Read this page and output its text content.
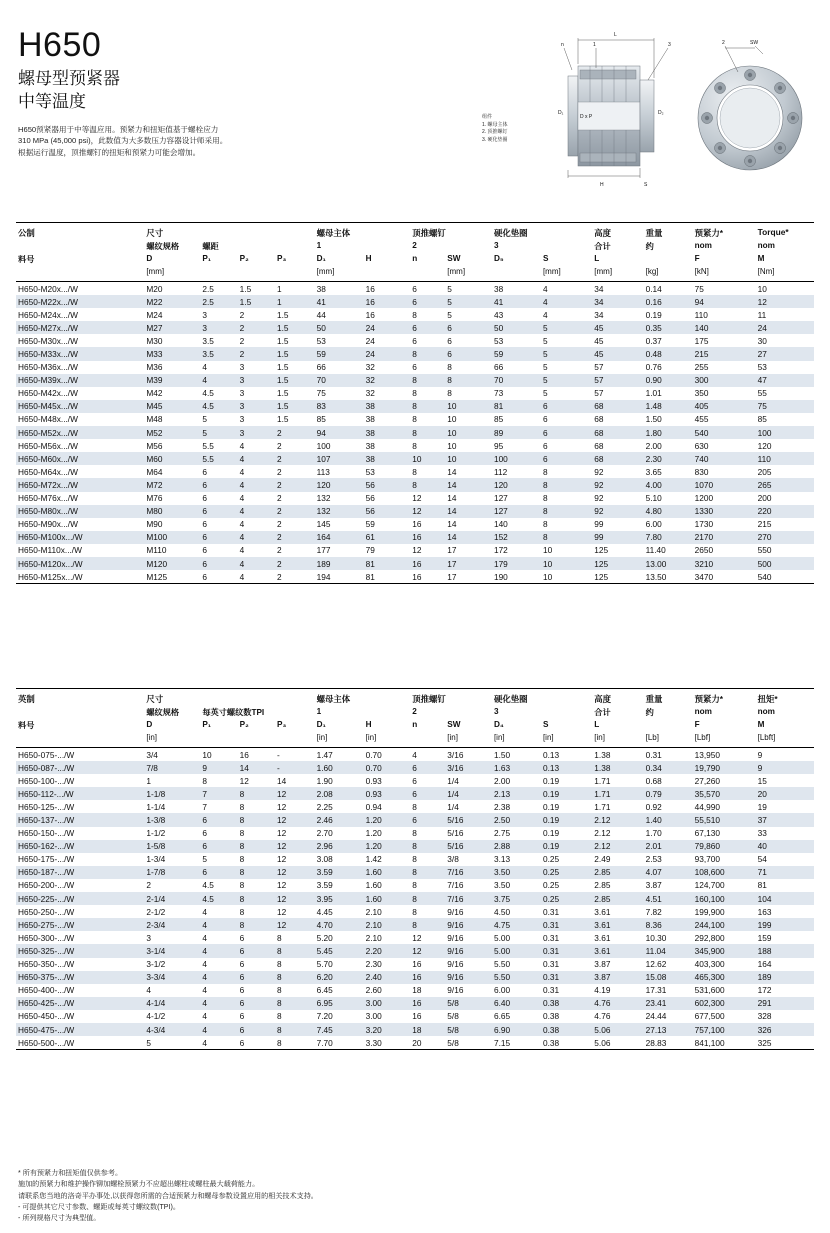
H650
螺母型预紧器
中等温度

H650预紧器用于中等温应用。预紧力和扭矩值基于螺栓应力

310 MPa (45,000 psi)，此数值为大多数压力容器设计师采用。

根据运行温度，顶推螺钉的扭矩和预紧力可能会增加。

n	1
L
3
D₁
D x P
D₂
H	S
2	SW
组件
1. 螺母主体
2. 顶推螺钉
3. 硬化垫圈
公制	尺寸				螺母主体		顶推螺钉		硬化垫圈		高度	重量	预紧力*	Torque*
	螺纹规格	螺距			1		2		3		合计	约	nom	nom
料号	D	P₁	P₂	P₃	D₁	H	n	SW	D₅	S	L		F	M
	[mm]				[mm]			[mm]		[mm]	[mm]	[kg]	[kN]	[Nm]
H650-M20x.../W	M20	2.5	1.5	1	38	16	6	5	38	4	34	0.14	75	10
H650-M22x.../W	M22	2.5	1.5	1	41	16	6	5	41	4	34	0.16	94	12
H650-M24x.../W	M24	3	2	1.5	44	16	8	5	43	4	34	0.19	110	11
H650-M27x.../W	M27	3	2	1.5	50	24	6	6	50	5	45	0.35	140	24
H650-M30x.../W	M30	3.5	2	1.5	53	24	6	6	53	5	45	0.37	175	30
H650-M33x.../W	M33	3.5	2	1.5	59	24	8	6	59	5	45	0.48	215	27
H650-M36x.../W	M36	4	3	1.5	66	32	6	8	66	5	57	0.76	255	53
H650-M39x.../W	M39	4	3	1.5	70	32	8	8	70	5	57	0.90	300	47
H650-M42x.../W	M42	4.5	3	1.5	75	32	8	8	73	5	57	1.01	350	55
H650-M45x.../W	M45	4.5	3	1.5	83	38	8	10	81	6	68	1.48	405	75
H650-M48x.../W	M48	5	3	1.5	85	38	8	10	85	6	68	1.50	455	85
H650-M52x.../W	M52	5	3	2	94	38	8	10	89	6	68	1.80	540	100
H650-M56x.../W	M56	5.5	4	2	100	38	8	10	95	6	68	2.00	630	120
H650-M60x.../W	M60	5.5	4	2	107	38	10	10	100	6	68	2.30	740	110
H650-M64x.../W	M64	6	4	2	113	53	8	14	112	8	92	3.65	830	205
H650-M72x.../W	M72	6	4	2	120	56	8	14	120	8	92	4.00	1070	265
H650-M76x.../W	M76	6	4	2	132	56	12	14	127	8	92	5.10	1200	200
H650-M80x.../W	M80	6	4	2	132	56	12	14	127	8	92	4.80	1330	220
H650-M90x.../W	M90	6	4	2	145	59	16	14	140	8	99	6.00	1730	215
H650-M100x.../W	M100	6	4	2	164	61	16	14	152	8	99	7.80	2170	270
H650-M110x.../W	M110	6	4	2	177	79	12	17	172	10	125	11.40	2650	550
H650-M120x.../W	M120	6	4	2	189	81	16	17	179	10	125	13.00	3210	500
H650-M125x.../W	M125	6	4	2	194	81	16	17	190	10	125	13.50	3470	540
英制	尺寸				螺母主体		顶推螺钉		硬化垫圈		高度	重量	预紧力*	扭矩*
	螺纹规格	每英寸螺纹数TPI			1		2		3		合计	约	nom	nom
料号	D	P₁	P₂	P₃	D₁	H	n	SW	D₄	S	L		F	M
	[in]				[in]	[in]		[in]	[in]	[in]	[in]	[Lb]	[Lbf]	[Lbft]
H650-075-.../W	3/4	10	16	-	1.47	0.70	4	3/16	1.50	0.13	1.38	0.31	13,950	9
H650-087-.../W	7/8	9	14	-	1.60	0.70	6	3/16	1.63	0.13	1.38	0.34	19,790	9
H650-100-.../W	1	8	12	14	1.90	0.93	6	1/4	2.00	0.19	1.71	0.68	27,260	15
H650-112-.../W	1-1/8	7	8	12	2.08	0.93	6	1/4	2.13	0.19	1.71	0.79	35,570	20
H650-125-.../W	1-1/4	7	8	12	2.25	0.94	8	1/4	2.38	0.19	1.71	0.92	44,990	19
H650-137-.../W	1-3/8	6	8	12	2.46	1.20	6	5/16	2.50	0.19	2.12	1.40	55,510	37
H650-150-.../W	1-1/2	6	8	12	2.70	1.20	8	5/16	2.75	0.19	2.12	1.70	67,130	33
H650-162-.../W	1-5/8	6	8	12	2.96	1.20	8	5/16	2.88	0.19	2.12	2.01	79,860	40
H650-175-.../W	1-3/4	5	8	12	3.08	1.42	8	3/8	3.13	0.25	2.49	2.53	93,700	54
H650-187-.../W	1-7/8	6	8	12	3.59	1.60	8	7/16	3.50	0.25	2.85	4.07	108,600	71
H650-200-.../W	2	4.5	8	12	3.59	1.60	8	7/16	3.50	0.25	2.85	3.87	124,700	81
H650-225-.../W	2-1/4	4.5	8	12	3.95	1.60	8	7/16	3.75	0.25	2.85	4.51	160,100	104
H650-250-.../W	2-1/2	4	8	12	4.45	2.10	8	9/16	4.50	0.31	3.61	7.82	199,900	163
H650-275-.../W	2-3/4	4	8	12	4.70	2.10	8	9/16	4.75	0.31	3.61	8.36	244,100	199
H650-300-.../W	3	4	6	8	5.20	2.10	12	9/16	5.00	0.31	3.61	10.30	292,800	159
H650-325-.../W	3-1/4	4	6	8	5.45	2.20	12	9/16	5.00	0.31	3.61	11.04	345,900	188
H650-350-.../W	3-1/2	4	6	8	5.70	2.30	16	9/16	5.50	0.31	3.87	12.62	403,300	164
H650-375-.../W	3-3/4	4	6	8	6.20	2.40	16	9/16	5.50	0.31	3.87	15.08	465,300	189
H650-400-.../W	4	4	6	8	6.45	2.60	18	9/16	6.00	0.31	4.19	17.31	531,600	172
H650-425-.../W	4-1/4	4	6	8	6.95	3.00	16	5/8	6.40	0.38	4.76	23.41	602,300	291
H650-450-.../W	4-1/2	4	6	8	7.20	3.00	16	5/8	6.65	0.38	4.76	24.44	677,500	328
H650-475-.../W	4-3/4	4	6	8	7.45	3.20	18	5/8	6.90	0.38	5.06	27.13	757,100	326
H650-500-.../W	5	4	6	8	7.70	3.30	20	5/8	7.15	0.38	5.06	28.83	841,100	325
* 所有预紧力和扭矩值仅供参考。
施加的预紧力和维护操作铆加螺栓预紧力不应超出螺柱或螺柱最大载荷能力。
请联系您当地的洛奇平办事处,以获得您所需的合适预紧力和螺母参数设置应用的相关技术支持。
- 可提供其它尺寸参数、螺距或每英寸螺纹数(TPI)。
- 所列规格尺寸为典型值。
